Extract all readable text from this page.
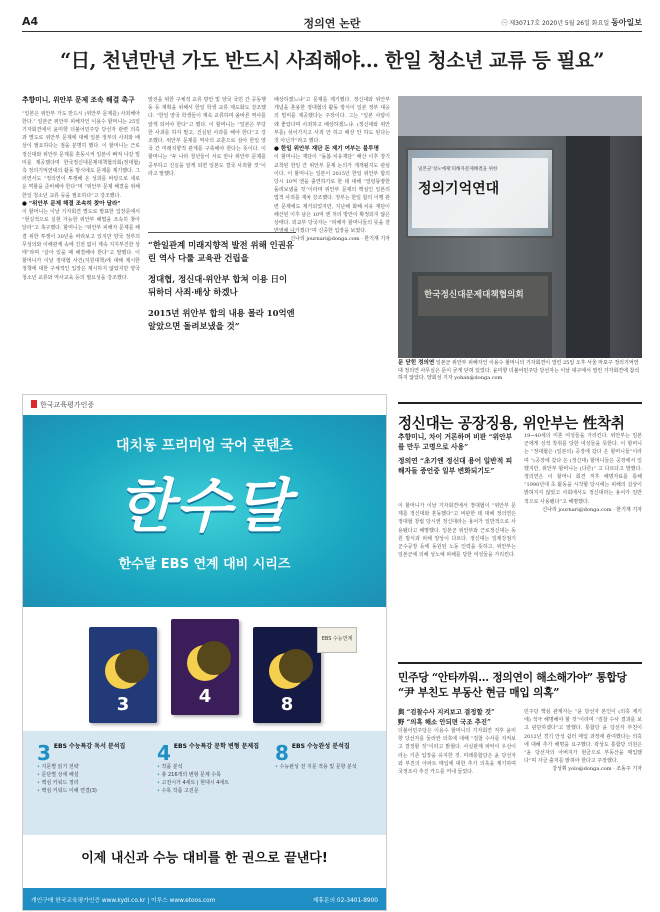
A4	정의연 논란	㊀ 제30717호 2020년 5월 26일 화요일 동아일보
“日, 천년만년 가도 반드시 사죄해야… 한일 청소년 교류 등 필요”

추향미니, 위안부 문제 조속 해결 촉구

“일본은 위안부 가도 반드시 (위안부 문제를) 사죄해야 한다.” 일본군 위안부 피해자인 이용수 할머니는 25일 기자회견에서 윤미향 더불어민주당 당선자 관련 의혹과 별도로 위안부 문제에 대해 일본 정부의 사죄와 배상이 필요하다는 점을 분명히 했다. 이 할머니는 근로정신대와 위안부 문제를 혼동시켜 일본이 빠져 나갈 빌미를 제공했다며 한국정신대문제대책협의회(정대협) 측 정의기억연대의 활동 방식에도 문제를 제기했다. 그러면서도 “정의연이 투쟁해 온 성과를 바탕으로 새로운 역할을 준비해야 한다”며 “위안부 문제 해결을 위해 한일 청소년 교류 등을 필요하다”고 강조했다.

● “위안부 문제 해결 조속히 찾아 달라”

이 할머니는 이날 기자회견 별도로 발표한 입장문에서 “현실적으로 실현 가능한 위안부 해법을 조속히 찾아 달라”고 촉구했다. 할머니는 “위안부 피해자 문제를 해결 위한 투쟁이 30년을 바라보고 있지만 양국 정부의 무성의와 이해관계 속에 진전 없이 계속 지지부진한 상태”라며 “살아 있을 때 해결해야 한다”고 말했다. 이 할머니가 이날 정대협 사건(지원대책)에 대해 제시한 정책에 대한 구체적인 입장은 제시하지 않았지만 양국 청소년 교류와 역사교육 등의 필요성을 강조했다.

발전을 위한 구체적 교류 방안 및 양국 국민 간 공동행동 등 계획을 위해서 한일 학생 교류 제도화도 강조했다. “한일 양국 학생들이 계속 교류하며 올바른 역사를 알게 되어야 한다”고 했다. 이 할머니는 “일본은 부당한 사과를 하지 말고, 진실된 사과를 해야 한다”고 강조했다. 위안부 문제를 역사의 교훈으로 삼아 한일 양국 간 미래지향적 관계를 구축해야 한다는 뜻이다. 이 할머니는 “두 나라 청년들이 서로 만나 위안부 문제를 공부하고 진실을 알게 되면 일본도 결국 사죄할 것”이라고 말했다.

“한일관계 미래지향적 발전 위해 인권유린 역사 다룰 교육관 건립을

정대협, 정신대·위안부 합쳐 이용 日이 뒤하더 사죄·배상 하겠나

2015년 위안부 합의 내용 몰라 10억엔 알았으면 돌려보냈을 것”

배상하겠느냐”고 문제를 제기했다. 정신대와 위안부 개념을 혼용한 정대협의 활동 방식이 일본 정부 대응의 빌미를 제공했다는 주장이다. 그는 “일본 사람이 왜 좋았다며 사죄하고 배상하겠느냐. (정신대와 위안부를) 섞어가지고 사죄 안 하고 배상 안 하도 된다는 것 아닌가”라고 했다.

● 한일 위안부 재단 돈 제기 여부는 불투명

이 할머니는 재단이 “돌봄·치유재단” 해산 이후 장기 교착된 한일 간 위안부 문제 논의가 재개될지도 관심이다. 이 할머니는 일본이 2015년 한일 위안부 합의 당시 10억 엔을 출연하기로 한 데 대해 “얼렁뚱땅한 돌려보냈을 것”이라며 위안부 문제의 핵심인 일본의 법적 사죄를 재차 강조했다. 정부는 한일 합의 이행 관련 문제에도 제거되었지만, 지난해 화해·치유 재단이 해산된 이후 남은 10억 엔 처리 방안이 확정되지 않은 상태다. 외교부 당국자는 “피해자 할머니들의 뜻을 잘 반영해 나가겠다”며 신중한 입장을 보였다.

신나리 journari@donga.com · 한기재 기자

일본군'성노예제'피해자문제해결을 위한
정의기억연대
한국정신대문제대책협의회
문 닫힌 정의연 일본군 위안부 피해자인 이용수 할머니의 기자회견이 열린 25일 오후 서울 마포구 정의기억연대 정의연 사무실은 문이 굳게 닫혀 있었다. 윤미향 더불어민주당 당선자는 이날 대구에서 열린 기자회견에 참석하지 않았다. 양회성 기자 yohan@donga.com
한국교육평가인증
대치동 프리미엄 국어 콘텐츠
한수달
한수달 EBS 연계 대비 시리즈
3	4	8
EBS 수능연계
3 EBS 수능특강 독서 분석집
• 지문별 읽기 전략
• 문단별 상세 해설
• 핵심 키워드 정리
• 핵심 키워드 이해 연결(3)
4 EBS 수능특강 문학 변형 문제집
• 작품 분석
• 총 216개의 변형 문제 수록
• 고전시가 4세트 | 현대시 4세트
• 수록 작품 고전문
8 EBS 수능완성 분석집
• 수능완성 전 지문 적용 및 문항 분석
이제 내신과 수능 대비를 한 권으로 끝낸다!
개인구매 한국교육평가인증 www.kydi.co.kr | 이투스 www.etoos.com	제휴문의 02-3401-8900
정신대는 공장징용, 위안부는 性착취

추향미니, 차이 거론하며 비판 “위안부를 만두 고명으로 사용”

정의연 “초기엔 정신대 용어 일반적 피해자들 증언중 일부 변화되기도”

이 할머니가 이날 기자회견에서 정대협이 “위안부 문제를 정신대와 혼동했다”고 비판한 데 대해 정의연은 정대협 창립 당시엔 정신대라는 용어가 일반적으로 사용됐다고 해명했다. 일본군 위안부와 근로정신대는 동원 방식과 피해 양상이 다르다. 정신대는 일제강점기 군수공장 등에 동원된 노동 인력을 뜻하고, 위안부는 일본군에 의해 성노예 피해를 당한 여성들을 가리킨다.

19~40세의 미혼 여성들을 가리킨다. 위안부는 일본군에게 성적 착취를 당한 여성들을 뜻한다. 이 할머니는 “정대협은 (일본의) 공장에 갔다 온 할머니들”이라며 “(공장에 갔다 온 (정신대) 할머니들은 공장에서 일했지만, 위안부 할머니는 (다른)” 고 다르다고 말했다. 정의연은 이 할머니 회견 직후 해명자료를 통해 “1990년대 초 활동을 시작할 당시에는 피해의 실상이 밝혀지지 않았고 사회에서도 정신대라는 용어가 일반적으로 사용됐다”고 해명했다.

신나리 journari@donga.com · 한기재 기자

민주당 “안타까워… 정의연이 해소해가야” 통합당 “尹 부친도 부동산 현금 매입 의혹”

與 “검찰수사 지켜보고 결정할 것”

野 “의혹 해소 안되면 국조 추진”

더불어민주당은 이용수 할머니의 기자회견 직후 윤미향 당선자를 둘러싼 의혹에 대해 “검찰 수사를 지켜보고 결정할 것”이라고 밝혔다. 사실관계 파악이 우선이라는 기존 입장을 유지한 것. 미래통합당은 윤 당선자와 부친의 아파트 매입에 대한 추가 의혹을 제기하며 국정조사 추진 카드를 꺼내 들었다.

민주당 핵심 관계자는 “윤 당선자 본인이 (의혹 제기에) 적극 해명해야 할 것”이라며 “검찰 수사 결과를 보고 판단하겠다”고 말했다. 통합당 윤 당선자 부친이 2012년 경기 안성 쉼터 매입 과정에 관여했다는 의혹에 대해 추가 해명을 요구했다. 곽상도 통합당 의원은 “윤 당선자의 아버지가 현금으로 부동산을 매입했다”며 자금 출처를 밝혀야 한다고 주장했다.

강성휘 yolo@donga.com · 조동주 기자
